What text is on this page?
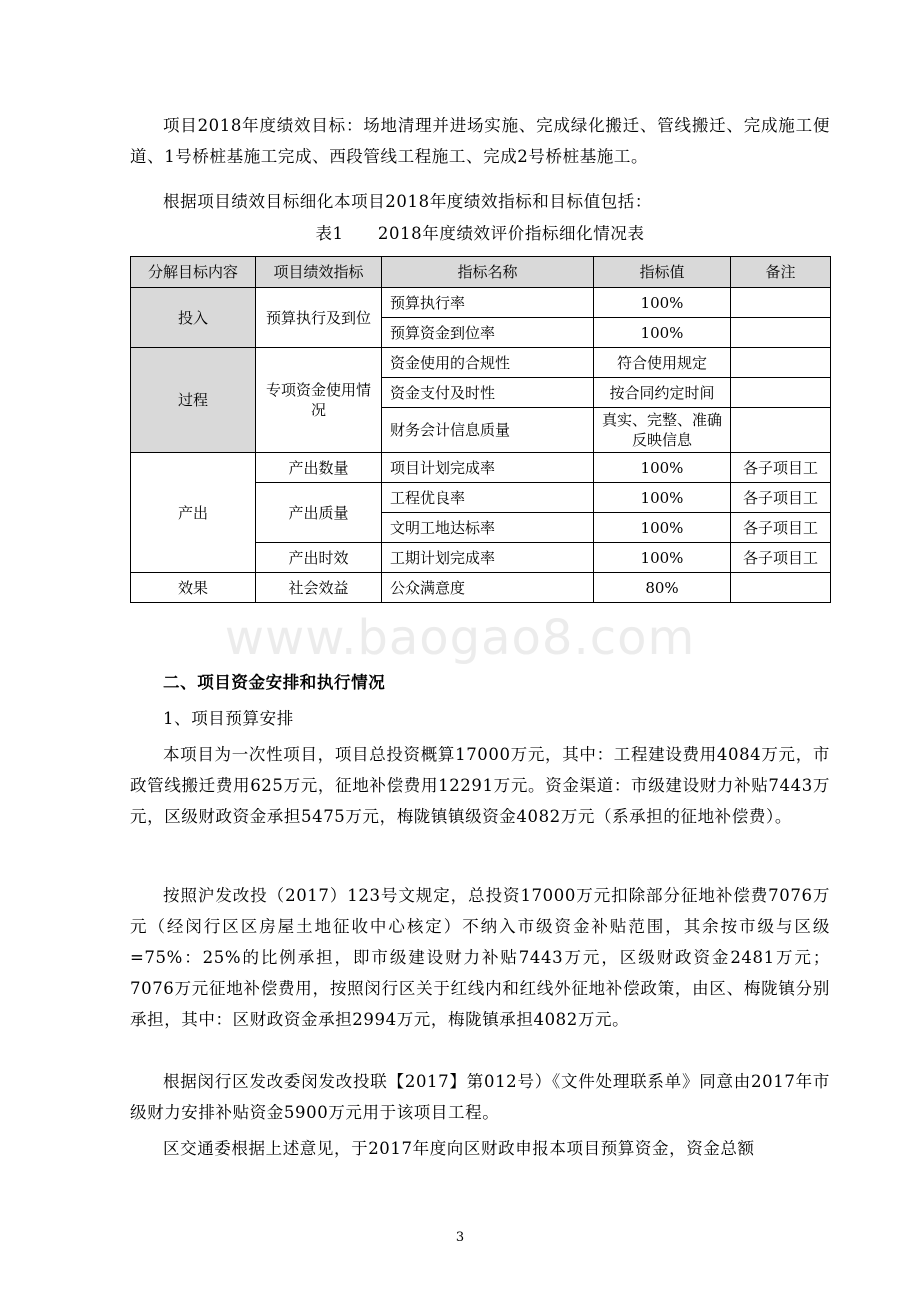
项目2018年度绩效目标：场地清理并进场实施、完成绿化搬迁、管线搬迁、完成施工便道、1号桥桩基施工完成、西段管线工程施工、完成2号桥桩基施工。

根据项目绩效目标细化本项目2018年度绩效指标和目标值包括：

表1　　2018年度绩效评价指标细化情况表

分解目标内容	项目绩效指标	指标名称	指标值	备注
投入	预算执行及到位	预算执行率	100%	
		预算资金到位率	100%	
过程	专项资金使用情况	资金使用的合规性	符合使用规定	
		资金支付及时性	按合同约定时间	
		财务会计信息质量	真实、完整、准确反映信息	
产出	产出数量	项目计划完成率	100%	各子项目工
	产出质量	工程优良率	100%	各子项目工
		文明工地达标率	100%	各子项目工
	产出时效	工期计划完成率	100%	各子项目工
效果	社会效益	公众满意度	80%	
www.baogao8.com

二、项目资金安排和执行情况

1、项目预算安排

本项目为一次性项目，项目总投资概算17000万元，其中：工程建设费用4084万元，市政管线搬迁费用625万元，征地补偿费用12291万元。资金渠道：市级建设财力补贴7443万元，区级财政资金承担5475万元，梅陇镇镇级资金4082万元（系承担的征地补偿费）。

按照沪发改投（2017）123号文规定，总投资17000万元扣除部分征地补偿费7076万元（经闵行区区房屋土地征收中心核定）不纳入市级资金补贴范围，其余按市级与区级=75%：25%的比例承担，即市级建设财力补贴7443万元，区级财政资金2481万元；7076万元征地补偿费用，按照闵行区关于红线内和红线外征地补偿政策，由区、梅陇镇分别承担，其中：区财政资金承担2994万元，梅陇镇承担4082万元。

根据闵行区发改委闵发改投联【2017】第012号）《文件处理联系单》同意由2017年市级财力安排补贴资金5900万元用于该项目工程。

区交通委根据上述意见，于2017年度向区财政申报本项目预算资金，资金总额

3
